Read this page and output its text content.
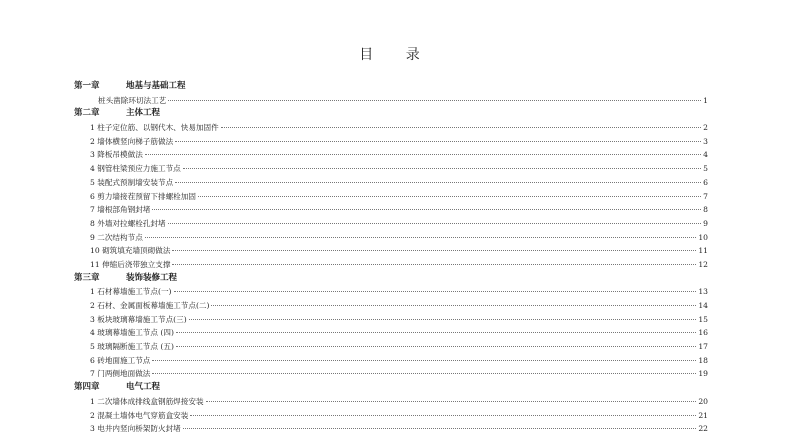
目 录
第一章	地基与基础工程
桩头凿除环切法工艺	1
第二章	主体工程
1 柱子定位筋、以钢代木、快易加固件	2
2 墙体横竖向梯子筋做法	3
3 降板吊模做法	4
4 钢管柱梁预应力施工节点	5
5 装配式预制墙安装节点	6
6 剪力墙接茬预留下排螺栓加固	7
7 墙根部角钢封堵	8
8 外墙对拉螺栓孔封堵	9
9 二次结构节点	10
10 砌筑填充墙顶砌做法	11
11 伸缩后浇带独立支撑	12
第三章	装饰装修工程
1 石材幕墙施工节点(一)	13
2 石材、金属面板幕墙施工节点(二)	14
3 板块玻璃幕墙施工节点(三)	15
4 玻璃幕墙施工节点 (四)	16
5 玻璃隔断施工节点 (五)	17
6 砖地面施工节点	18
7 门两侧地面做法	19
第四章	电气工程
1 二次墙体成排线盒钢筋焊接安装	20
2 混凝土墙体电气穿筋盒安装	21
3 电井内竖向桥架防火封堵	22
